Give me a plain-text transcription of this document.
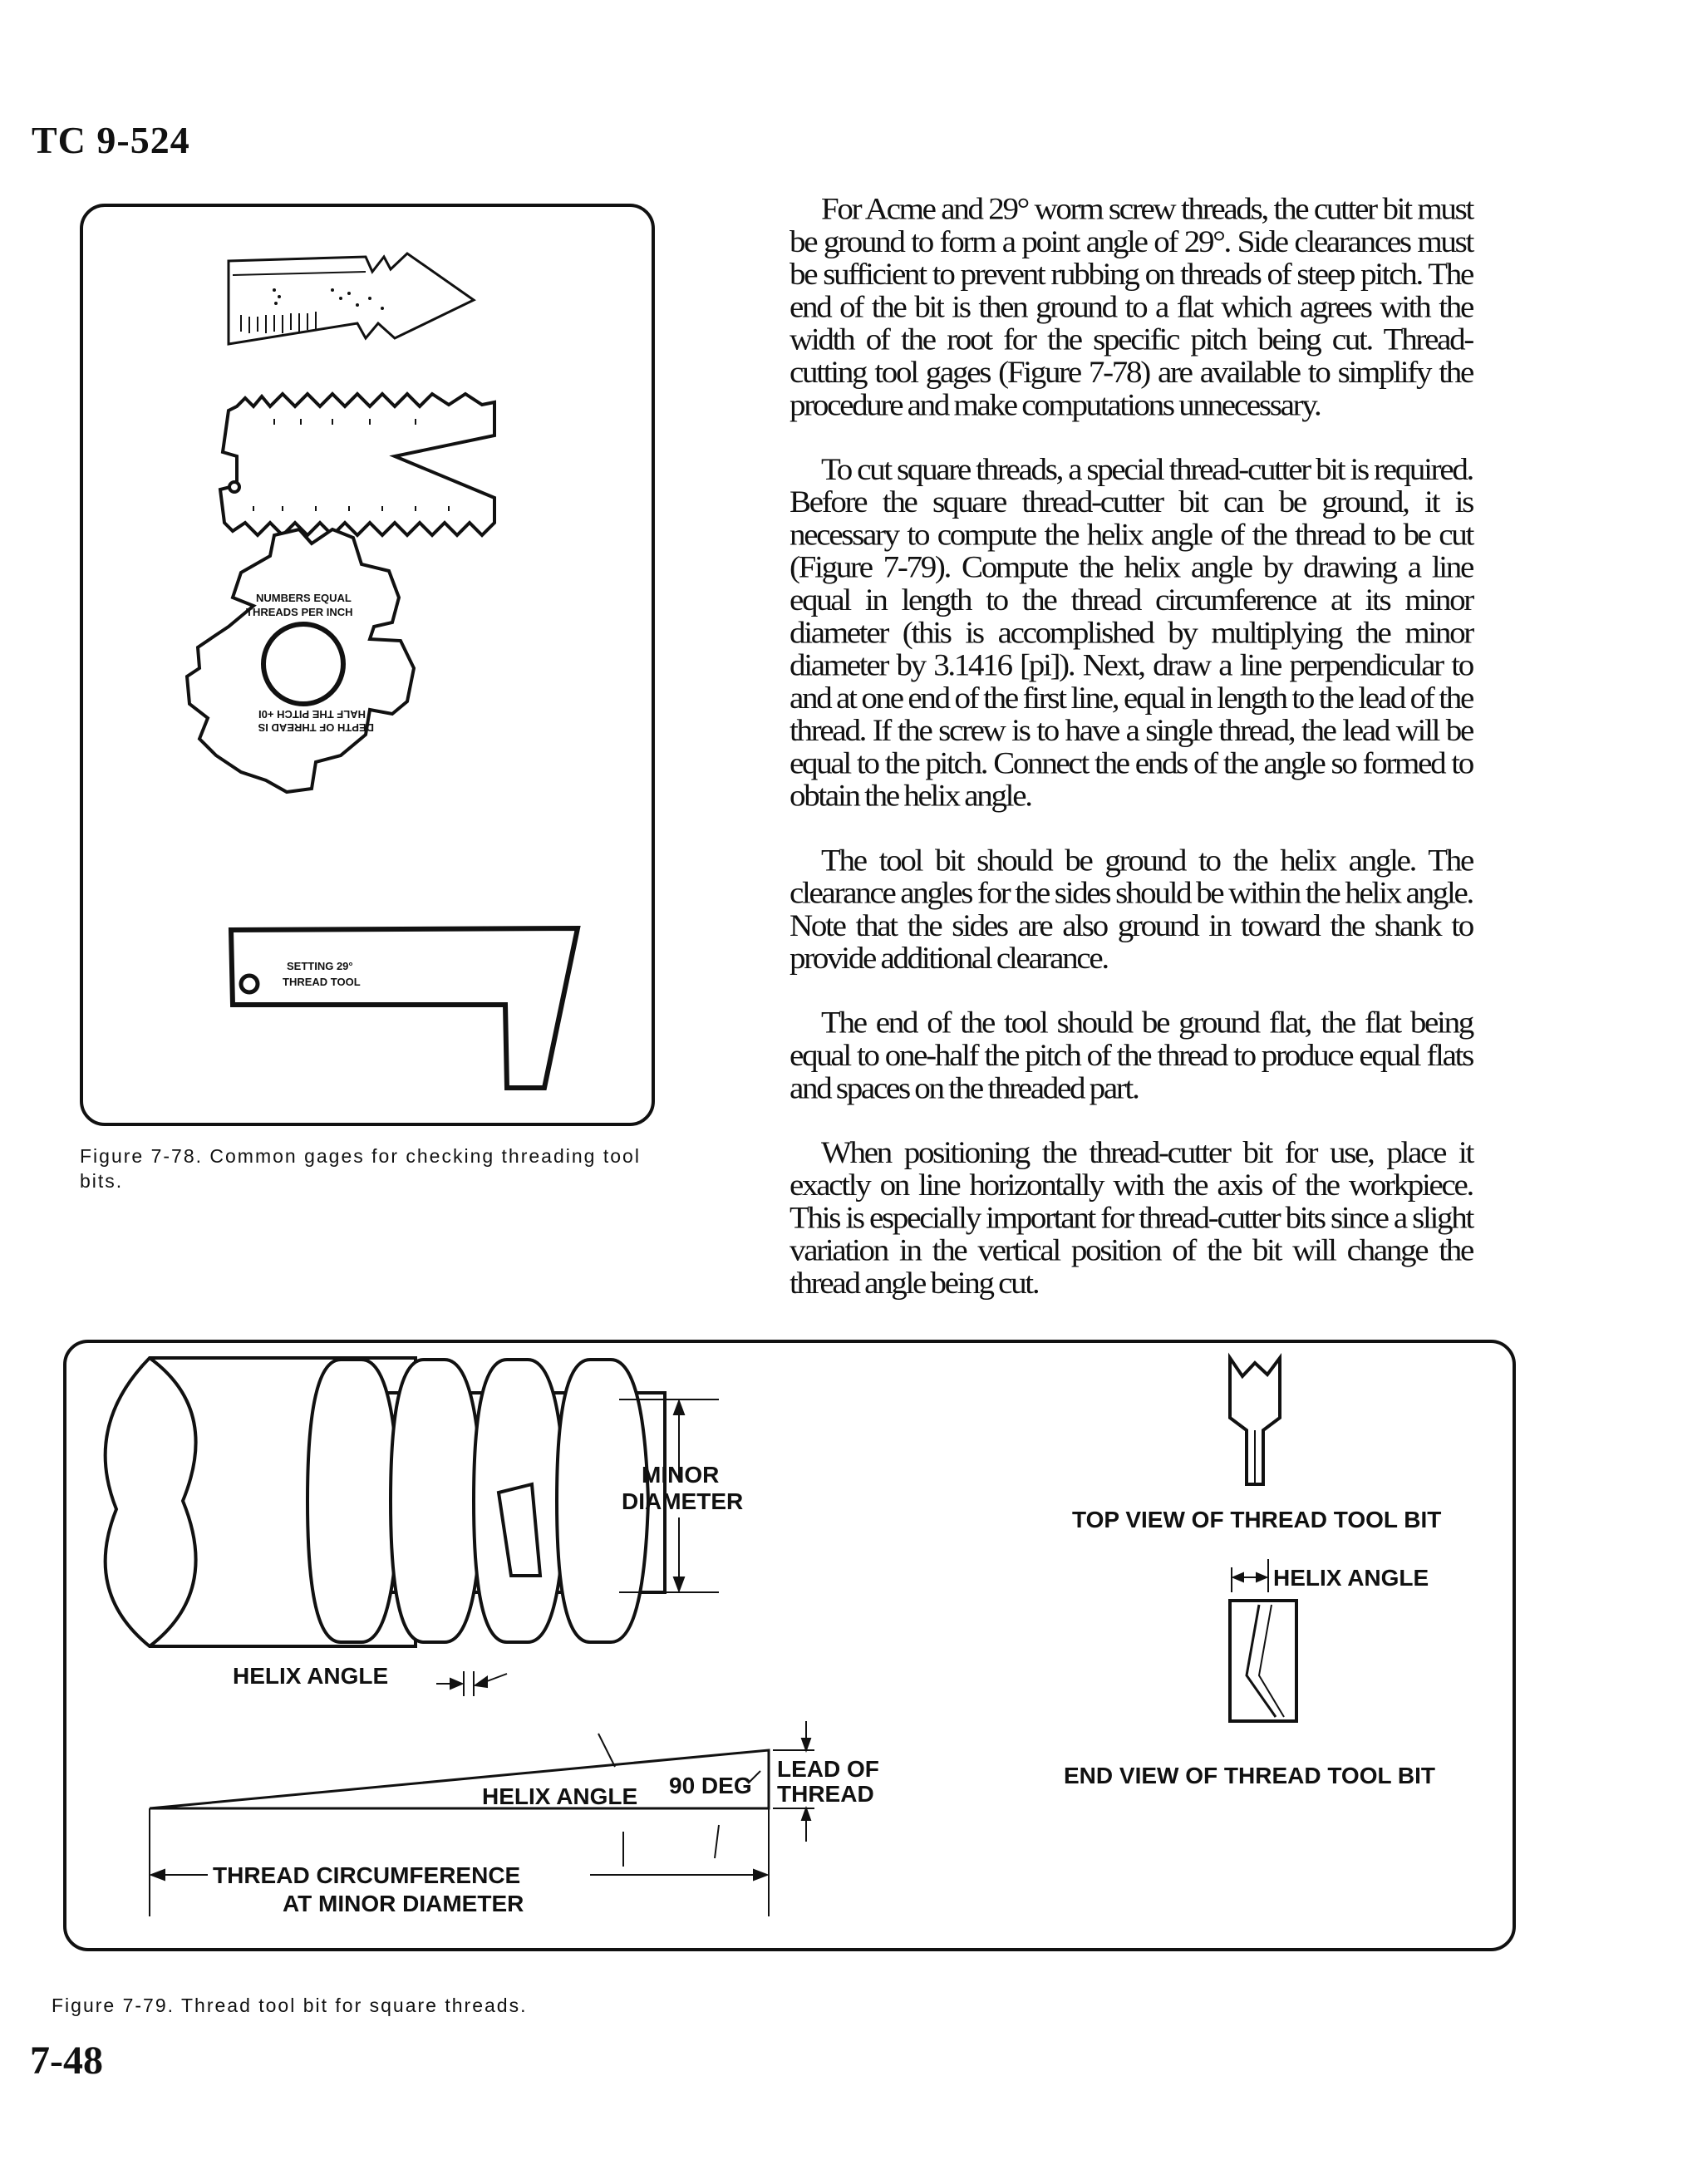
TC 9-524
7-48
NUMBERS EQUAL
THREADS PER INCH
DEPTH OF THREAD IS
HALF THE PITCH +0I
SETTING 29°
THREAD TOOL
Figure 7-78. Common gages for checking threading tool bits.

For Acme and 29° worm screw threads, the cutter bit must be ground to form a point angle of 29°. Side clearances must be sufficient to prevent rubbing on threads of steep pitch. The end of the bit is then ground to a flat which agrees with the width of the root for the specific pitch being cut. Thread-cutting tool gages (Figure 7-78) are available to simplify the procedure and make computations unnecessary.

To cut square threads, a special thread-cutter bit is required. Before the square thread-cutter bit can be ground, it is necessary to compute the helix angle of the thread to be cut (Figure 7-79). Compute the helix angle by drawing a line equal in length to the thread circumference at its minor diameter (this is accomplished by multiplying the minor diameter by 3.1416 [pi]). Next, draw a line perpendicular to and at one end of the first line, equal in length to the lead of the thread. If the screw is to have a single thread, the lead will be equal to the pitch. Connect the ends of the angle so formed to obtain the helix angle.

The tool bit should be ground to the helix angle. The clearance angles for the sides should be within the helix angle. Note that the sides are also ground in toward the shank to provide additional clearance.

The end of the tool should be ground flat, the flat being equal to one-half the pitch of the thread to produce equal flats and spaces on the threaded part.

When positioning the thread-cutter bit for use, place it exactly on line horizontally with the axis of the workpiece. This is especially important for thread-cutter bits since a slight variation in the vertical position of the bit will change the thread angle being cut.

MINOR
DIAMETER
HELIX ANGLE
HELIX ANGLE 90 DEG
LEAD OF
THREAD
THREAD CIRCUMFERENCE
AT MINOR DIAMETER
TOP VIEW OF THREAD TOOL BIT
HELIX ANGLE
END VIEW OF THREAD TOOL BIT
Figure 7-79. Thread tool bit for square threads.
